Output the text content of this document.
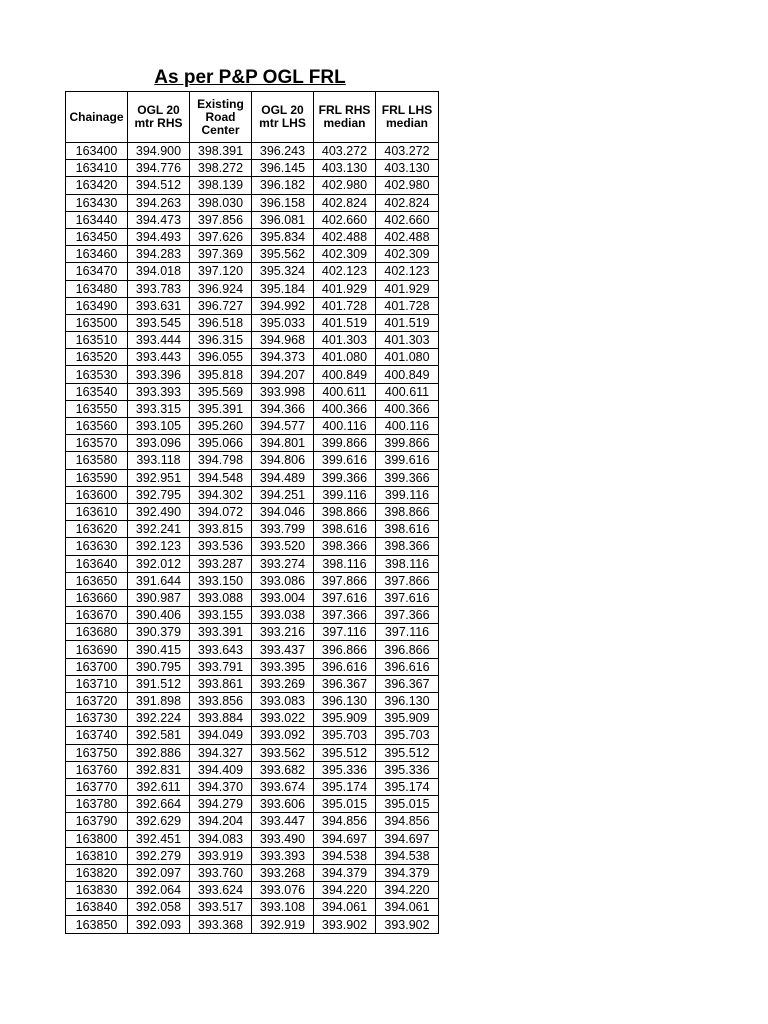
As per P&P OGL FRL
Chainage	OGL 20 mtr RHS	Existing Road Center	OGL 20 mtr LHS	FRL RHS median	FRL LHS median
163400	394.900	398.391	396.243	403.272	403.272
163410	394.776	398.272	396.145	403.130	403.130
163420	394.512	398.139	396.182	402.980	402.980
163430	394.263	398.030	396.158	402.824	402.824
163440	394.473	397.856	396.081	402.660	402.660
163450	394.493	397.626	395.834	402.488	402.488
163460	394.283	397.369	395.562	402.309	402.309
163470	394.018	397.120	395.324	402.123	402.123
163480	393.783	396.924	395.184	401.929	401.929
163490	393.631	396.727	394.992	401.728	401.728
163500	393.545	396.518	395.033	401.519	401.519
163510	393.444	396.315	394.968	401.303	401.303
163520	393.443	396.055	394.373	401.080	401.080
163530	393.396	395.818	394.207	400.849	400.849
163540	393.393	395.569	393.998	400.611	400.611
163550	393.315	395.391	394.366	400.366	400.366
163560	393.105	395.260	394.577	400.116	400.116
163570	393.096	395.066	394.801	399.866	399.866
163580	393.118	394.798	394.806	399.616	399.616
163590	392.951	394.548	394.489	399.366	399.366
163600	392.795	394.302	394.251	399.116	399.116
163610	392.490	394.072	394.046	398.866	398.866
163620	392.241	393.815	393.799	398.616	398.616
163630	392.123	393.536	393.520	398.366	398.366
163640	392.012	393.287	393.274	398.116	398.116
163650	391.644	393.150	393.086	397.866	397.866
163660	390.987	393.088	393.004	397.616	397.616
163670	390.406	393.155	393.038	397.366	397.366
163680	390.379	393.391	393.216	397.116	397.116
163690	390.415	393.643	393.437	396.866	396.866
163700	390.795	393.791	393.395	396.616	396.616
163710	391.512	393.861	393.269	396.367	396.367
163720	391.898	393.856	393.083	396.130	396.130
163730	392.224	393.884	393.022	395.909	395.909
163740	392.581	394.049	393.092	395.703	395.703
163750	392.886	394.327	393.562	395.512	395.512
163760	392.831	394.409	393.682	395.336	395.336
163770	392.611	394.370	393.674	395.174	395.174
163780	392.664	394.279	393.606	395.015	395.015
163790	392.629	394.204	393.447	394.856	394.856
163800	392.451	394.083	393.490	394.697	394.697
163810	392.279	393.919	393.393	394.538	394.538
163820	392.097	393.760	393.268	394.379	394.379
163830	392.064	393.624	393.076	394.220	394.220
163840	392.058	393.517	393.108	394.061	394.061
163850	392.093	393.368	392.919	393.902	393.902
